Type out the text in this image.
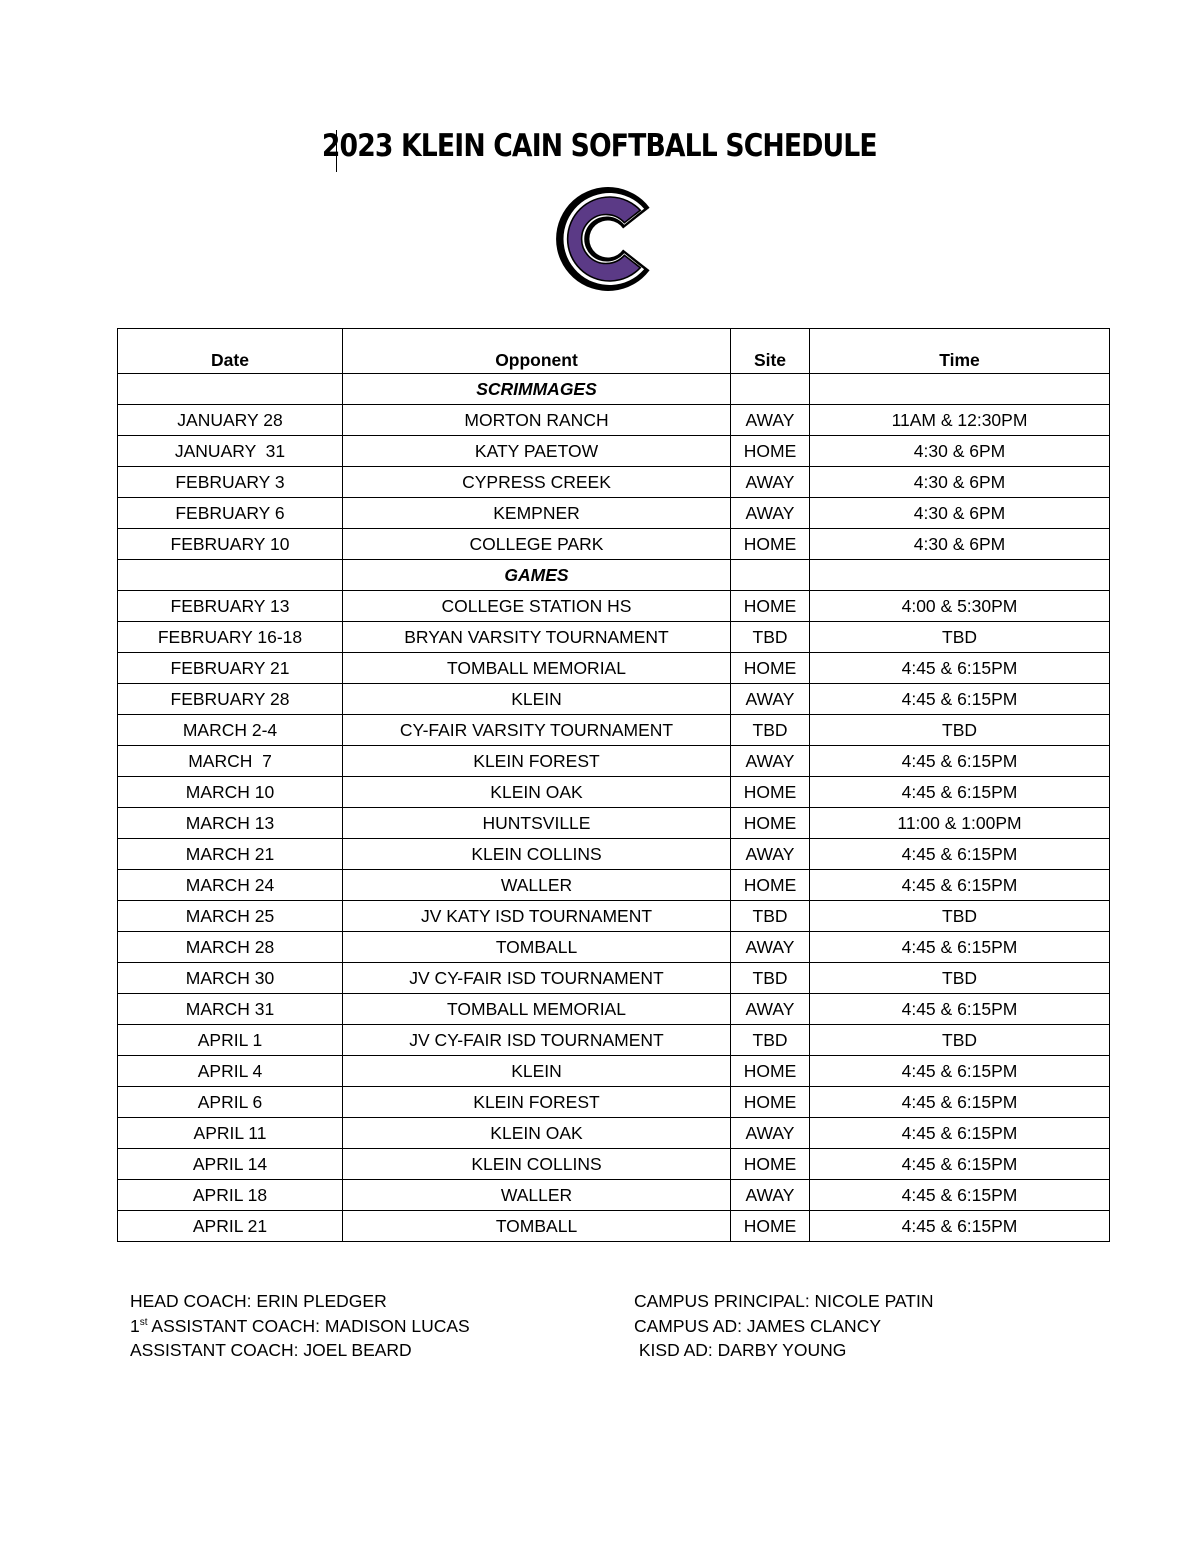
2023 KLEIN CAIN SOFTBALL SCHEDULE
Date	Opponent	Site	Time
	SCRIMMAGES		
JANUARY 28	MORTON RANCH	AWAY	11AM & 12:30PM
JANUARY  31	KATY PAETOW	HOME	4:30 & 6PM
FEBRUARY 3	CYPRESS CREEK	AWAY	4:30 & 6PM
FEBRUARY 6	KEMPNER	AWAY	4:30 & 6PM
FEBRUARY 10	COLLEGE PARK	HOME	4:30 & 6PM
	GAMES		
FEBRUARY 13	COLLEGE STATION HS	HOME	4:00 & 5:30PM
FEBRUARY 16-18	BRYAN VARSITY TOURNAMENT	TBD	TBD
FEBRUARY 21	TOMBALL MEMORIAL	HOME	4:45 & 6:15PM
FEBRUARY 28	KLEIN	AWAY	4:45 & 6:15PM
MARCH 2-4	CY-FAIR VARSITY TOURNAMENT	TBD	TBD
MARCH  7	KLEIN FOREST	AWAY	4:45 & 6:15PM
MARCH 10	KLEIN OAK	HOME	4:45 & 6:15PM
MARCH 13	HUNTSVILLE	HOME	11:00 & 1:00PM
MARCH 21	KLEIN COLLINS	AWAY	4:45 & 6:15PM
MARCH 24	WALLER	HOME	4:45 & 6:15PM
MARCH 25	JV KATY ISD TOURNAMENT	TBD	TBD
MARCH 28	TOMBALL	AWAY	4:45 & 6:15PM
MARCH 30	JV CY-FAIR ISD TOURNAMENT	TBD	TBD
MARCH 31	TOMBALL MEMORIAL	AWAY	4:45 & 6:15PM
APRIL 1	JV CY-FAIR ISD TOURNAMENT	TBD	TBD
APRIL 4	KLEIN	HOME	4:45 & 6:15PM
APRIL 6	KLEIN FOREST	HOME	4:45 & 6:15PM
APRIL 11	KLEIN OAK	AWAY	4:45 & 6:15PM
APRIL 14	KLEIN COLLINS	HOME	4:45 & 6:15PM
APRIL 18	WALLER	AWAY	4:45 & 6:15PM
APRIL 21	TOMBALL	HOME	4:45 & 6:15PM
HEAD COACH: ERIN PLEDGER
1st ASSISTANT COACH: MADISON LUCAS
ASSISTANT COACH: JOEL BEARD
CAMPUS PRINCIPAL: NICOLE PATIN
CAMPUS AD: JAMES CLANCY
KISD AD: DARBY YOUNG
